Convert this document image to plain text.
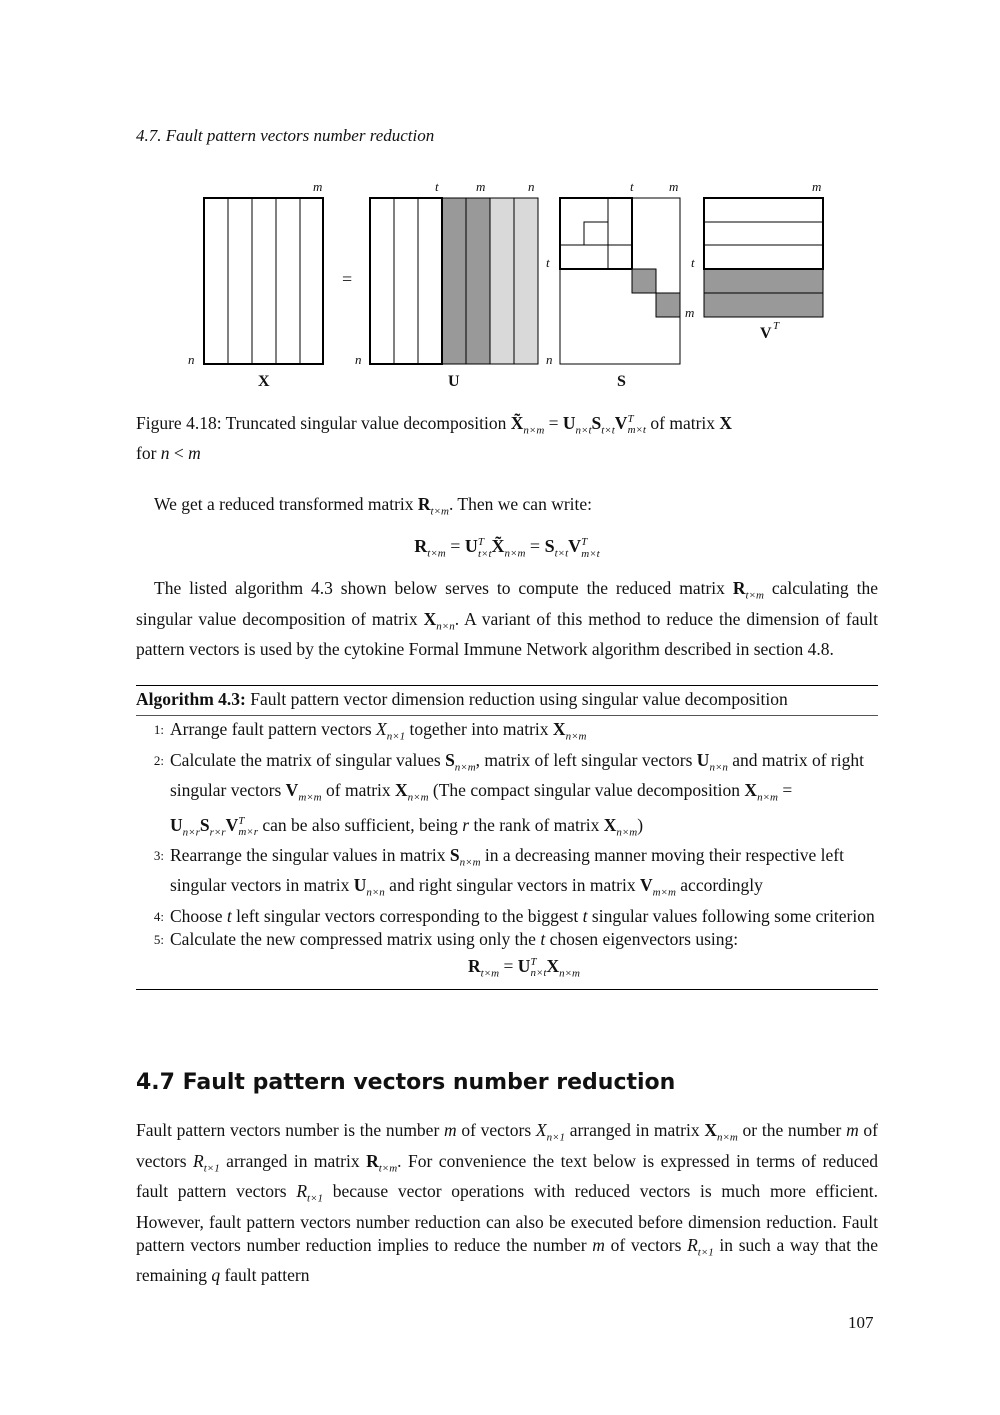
4.7. Fault pattern vectors number reduction
m
n
X
=
t	m	n
n
U
t	m
t
n
S
m
t
m
V T
Figure 4.18: Truncated singular value decomposition $X̃_{n\times m} = U_{n\times t}S_{t\times t}V^T_{m\times t}$ of matrix X
for n < m
We get a reduced transformed matrix $R_{t\times m}$. Then we can write:
$R_{t\times m}$ = $U^T_{t\times t}X̃_{n\times m} = S_{t\times t}V^T_{m\times t}$
The listed algorithm 4.3 shown below serves to compute the reduced matrix $R_{t\times m}$ calculating the singular value decomposition of matrix $X_{n\times n}$. A variant of this method to reduce the dimension of fault pattern vectors is used by the cytokine Formal Immune Network algorithm described in section 4.8.
Algorithm 4.3: Fault pattern vector dimension reduction using singular value decomposition
1: Arrange fault pattern vectors $X_{n\times 1}$ together into matrix $X_{n\times m}$
2: Calculate the matrix of singular values $S_{n\times m}$, matrix of left singular vectors $U_{n\times n}$ and matrix of right singular vectors $V_{m\times m}$ of matrix $X_{n\times m}$ (The compact singular value decomposition $X_{n\times m} = U_{n\times r}S_{r\times r}V^T_{m\times r}$ can be also sufficient, being r the rank of matrix $X_{n\times m}$)
3: Rearrange the singular values in matrix $S_{n\times m}$ in a decreasing manner moving their respective left singular vectors in matrix $U_{n\times n}$ and right singular vectors in matrix $V_{m\times m}$ accordingly
4: Choose t left singular vectors corresponding to the biggest t singular values following some criterion
5: Calculate the new compressed matrix using only the t chosen eigenvectors using:
$R_{t\times m} = U^T_{n\times t}X_{n\times m}$
4.7 Fault pattern vectors number reduction
Fault pattern vectors number is the number m of vectors $X_{n\times 1}$ arranged in matrix $X_{n\times m}$ or the number m of vectors $R_{t\times 1}$ arranged in matrix $R_{t\times m}$. For convenience the text below is expressed in terms of reduced fault pattern vectors $R_{t\times 1}$ because vector operations with reduced vectors is much more efficient. However, fault pattern vectors number reduction can also be executed before dimension reduction. Fault pattern vectors number reduction implies to reduce the number m of vectors $R_{t\times 1}$ in such a way that the remaining q fault pattern
107
